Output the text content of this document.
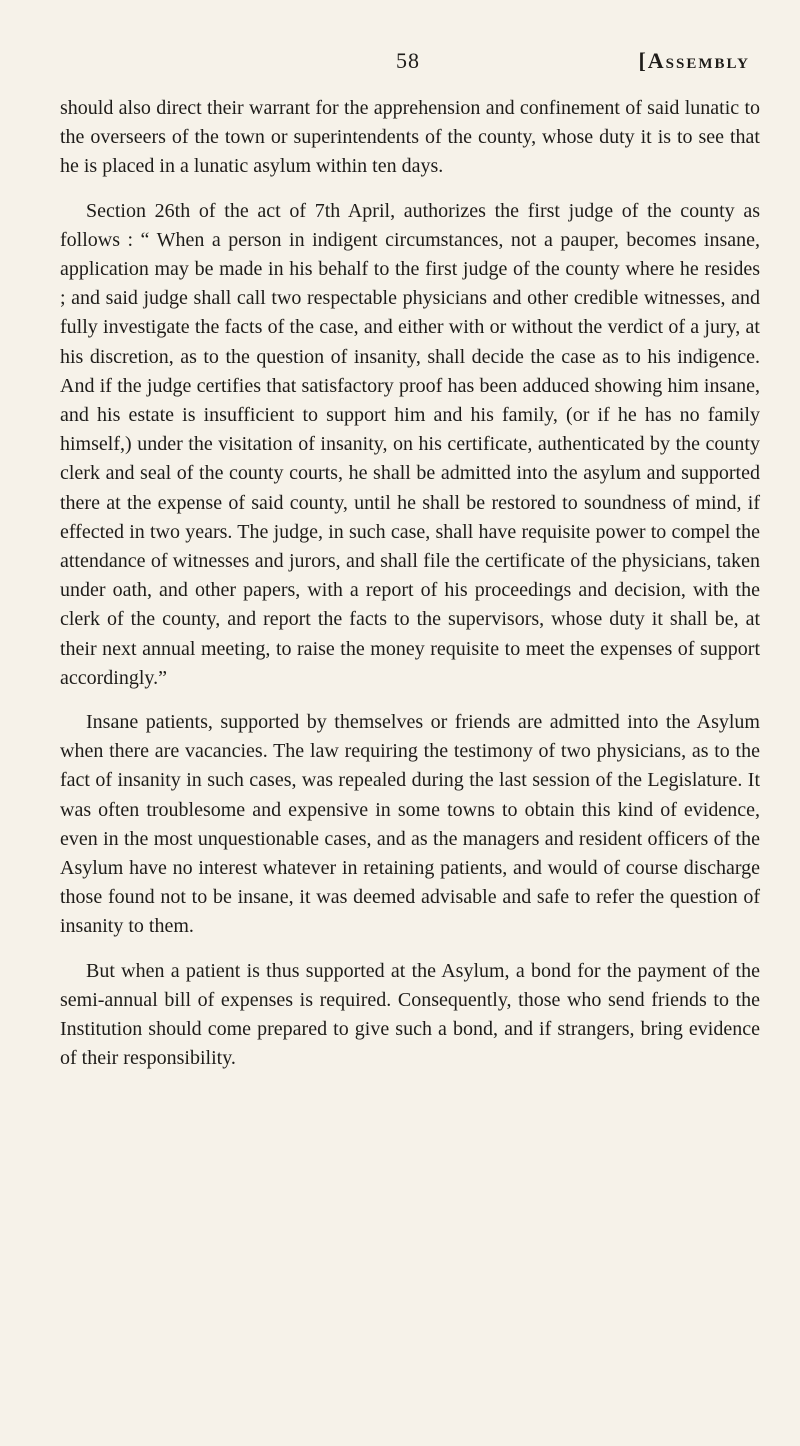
58	[Assembly

should also direct their warrant for the apprehension and confinement of said lunatic to the overseers of the town or superintendents of the county, whose duty it is to see that he is placed in a lunatic asylum within ten days.

Section 26th of the act of 7th April, authorizes the first judge of the county as follows : “ When a person in indigent circumstances, not a pauper, becomes insane, application may be made in his behalf to the first judge of the county where he resides ; and said judge shall call two respectable physicians and other credible witnesses, and fully investigate the facts of the case, and either with or without the verdict of a jury, at his discretion, as to the question of insanity, shall decide the case as to his indigence. And if the judge certifies that satisfactory proof has been adduced showing him insane, and his estate is insufficient to support him and his family, (or if he has no family himself,) under the visitation of insanity, on his certificate, authenticated by the county clerk and seal of the county courts, he shall be admitted into the asylum and supported there at the expense of said county, until he shall be restored to soundness of mind, if effected in two years. The judge, in such case, shall have requisite power to compel the attendance of witnesses and jurors, and shall file the certificate of the physicians, taken under oath, and other papers, with a report of his proceedings and decision, with the clerk of the county, and report the facts to the supervisors, whose duty it shall be, at their next annual meeting, to raise the money requisite to meet the expenses of support accordingly.”

Insane patients, supported by themselves or friends are admitted into the Asylum when there are vacancies. The law requiring the testimony of two physicians, as to the fact of insanity in such cases, was repealed during the last session of the Legislature. It was often troublesome and expensive in some towns to obtain this kind of evidence, even in the most unquestionable cases, and as the managers and resident officers of the Asylum have no interest whatever in retaining patients, and would of course discharge those found not to be insane, it was deemed advisable and safe to refer the question of insanity to them.

But when a patient is thus supported at the Asylum, a bond for the payment of the semi-annual bill of expenses is required. Consequently, those who send friends to the Institution should come prepared to give such a bond, and if strangers, bring evidence of their responsibility.
